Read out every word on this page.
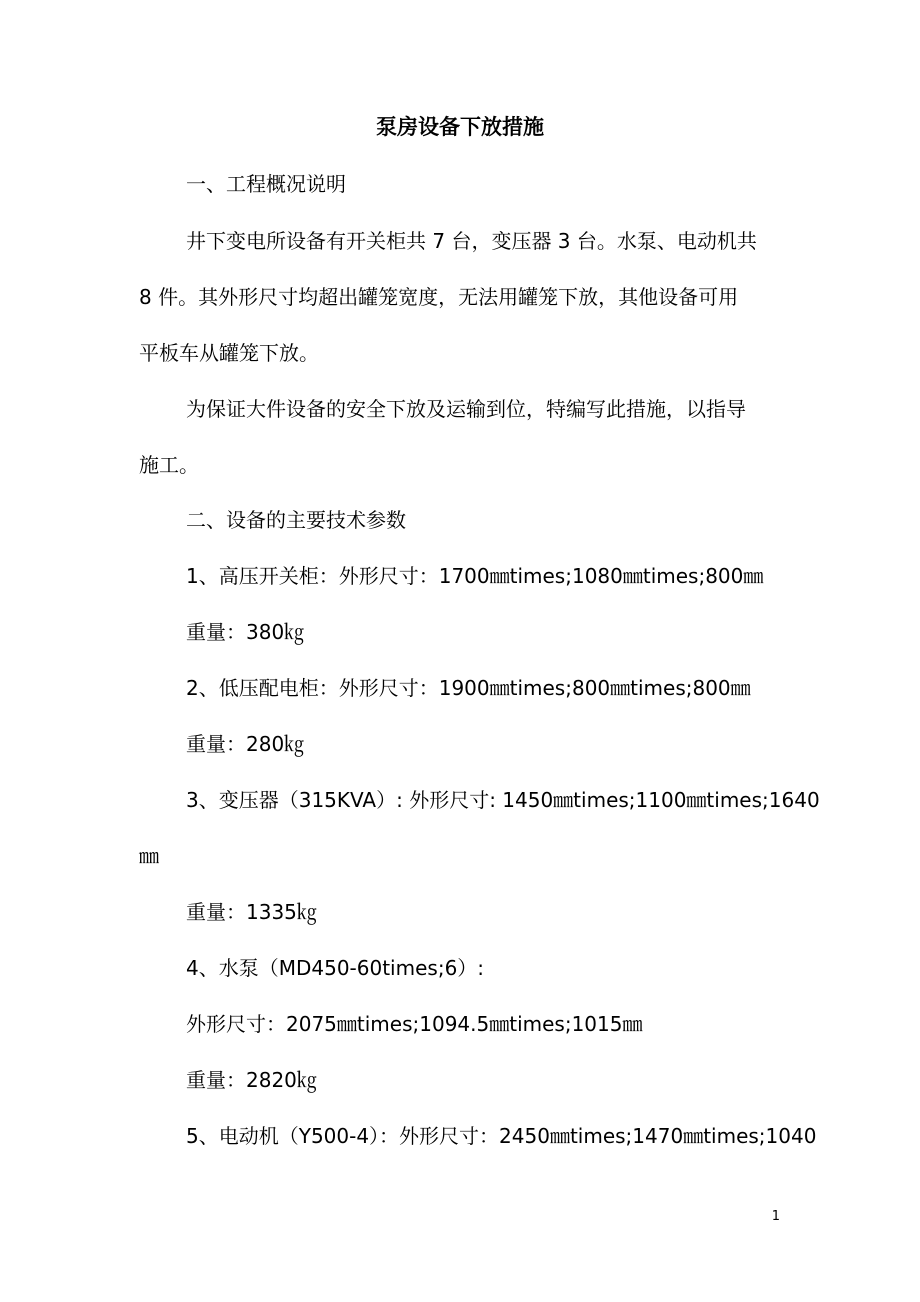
泵房设备下放措施
一、工程概况说明
井下变电所设备有开关柜共 7 台，变压器 3 台。水泵、电动机共
8 件。其外形尺寸均超出罐笼宽度，无法用罐笼下放，其他设备可用
平板车从罐笼下放。
为保证大件设备的安全下放及运输到位，特编写此措施，以指导
施工。
二、设备的主要技术参数
1、高压开关柜：外形尺寸：1700㎜times;1080㎜times;800㎜
重量：380㎏
2、低压配电柜：外形尺寸：1900㎜times;800㎜times;800㎜
重量：280㎏
3、变压器（315KVA）: 外形尺寸: 1450㎜times;1100㎜times;1640
㎜
重量：1335㎏
4、水泵（MD450-60times;6）:
外形尺寸：2075㎜times;1094.5㎜times;1015㎜
重量：2820㎏
5、电动机（Y500-4）：外形尺寸：2450㎜times;1470㎜times;1040
1
